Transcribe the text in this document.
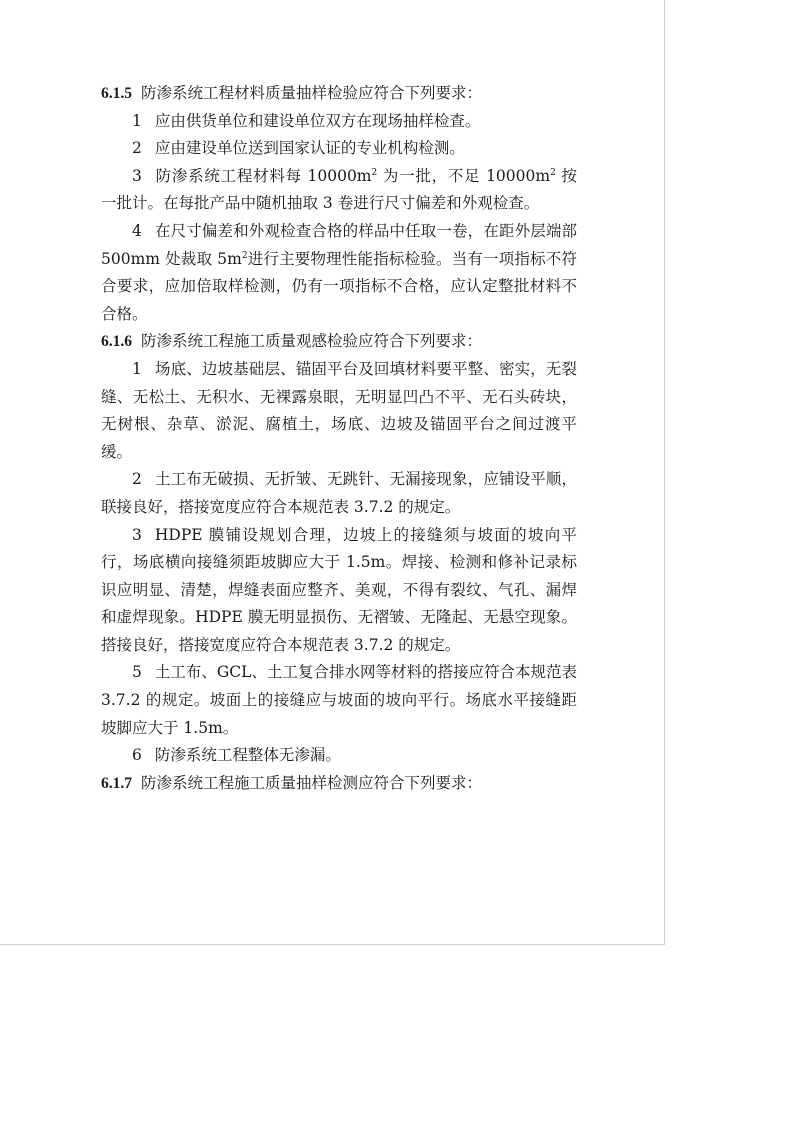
6.1.5 防渗系统工程材料质量抽样检验应符合下列要求：

1 应由供货单位和建设单位双方在现场抽样检查。

2 应由建设单位送到国家认证的专业机构检测。

3 防渗系统工程材料每 $10000m^2$ 为一批，不足 $10000m^2$ 按一批计。在每批产品中随机抽取 3 卷进行尺寸偏差和外观检查。

4 在尺寸偏差和外观检查合格的样品中任取一卷，在距外层端部 500mm 处裁取 $5m^2$进行主要物理性能指标检验。当有一项指标不符合要求，应加倍取样检测，仍有一项指标不合格，应认定整批材料不合格。

6.1.6 防渗系统工程施工质量观感检验应符合下列要求：

1 场底、边坡基础层、锚固平台及回填材料要平整、密实，无裂缝、无松土、无积水、无裸露泉眼，无明显凹凸不平、无石头砖块，无树根、杂草、淤泥、腐植土，场底、边坡及锚固平台之间过渡平缓。

2 土工布无破损、无折皱、无跳针、无漏接现象，应铺设平顺，联接良好，搭接宽度应符合本规范表 3.7.2 的规定。

3 HDPE 膜铺设规划合理，边坡上的接缝须与坡面的坡向平行，场底横向接缝须距坡脚应大于 1.5m。焊接、检测和修补记录标识应明显、清楚，焊缝表面应整齐、美观，不得有裂纹、气孔、漏焊和虚焊现象。HDPE 膜无明显损伤、无褶皱、无隆起、无悬空现象。搭接良好，搭接宽度应符合本规范表 3.7.2 的规定。

5 土工布、GCL、土工复合排水网等材料的搭接应符合本规范表 3.7.2 的规定。坡面上的接缝应与坡面的坡向平行。场底水平接缝距坡脚应大于 1.5m。

6 防渗系统工程整体无渗漏。

6.1.7 防渗系统工程施工质量抽样检测应符合下列要求：
